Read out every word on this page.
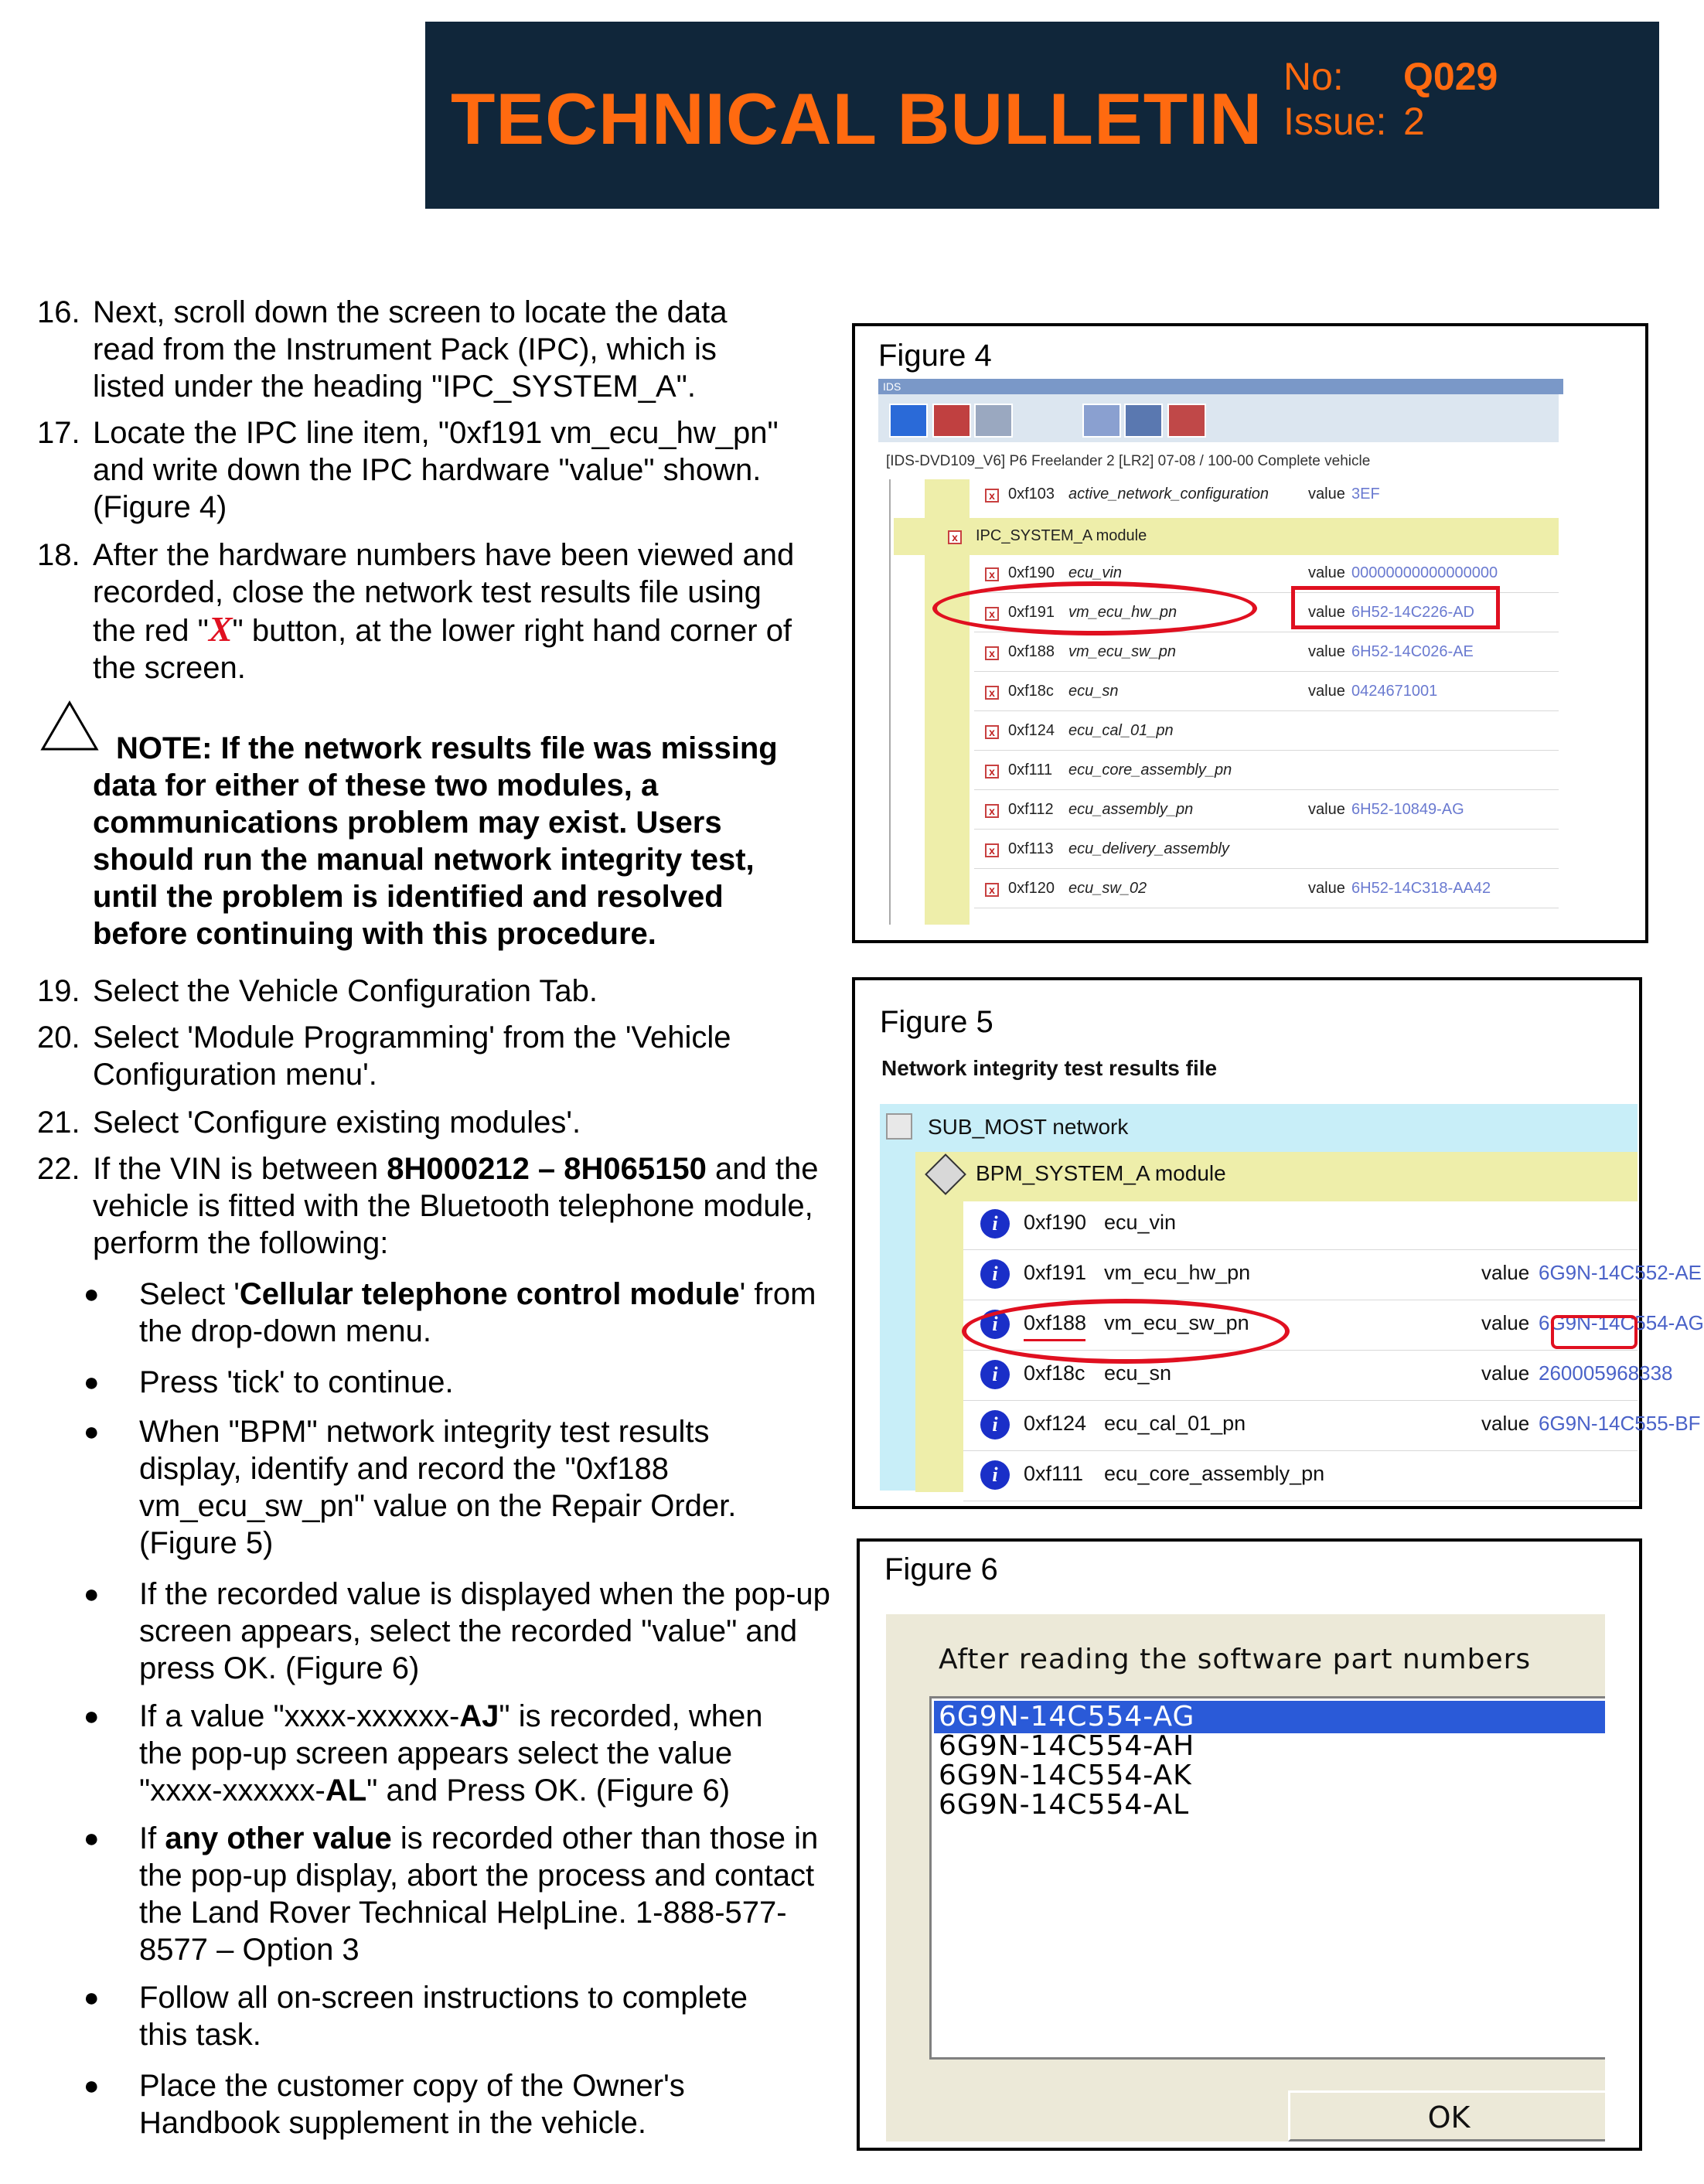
TECHNICAL BULLETIN
No: Q029
Issue: 2
16. Next, scroll down the screen to locate the data read from the Instrument Pack (IPC), which is listed under the heading "IPC_SYSTEM_A".
17. Locate the IPC line item, "0xf191 vm_ecu_hw_pn" and write down the IPC hardware "value" shown. (Figure 4)
18. After the hardware numbers have been viewed and recorded, close the network test results file using the red "X" button, at the lower right hand corner of the screen.
NOTE: If the network results file was missing data for either of these two modules, a communications problem may exist. Users should run the manual network integrity test, until the problem is identified and resolved before continuing with this procedure.
19. Select the Vehicle Configuration Tab.
20. Select 'Module Programming' from the 'Vehicle Configuration menu'.
21. Select 'Configure existing modules'.
22. If the VIN is between 8H000212 – 8H065150 and the vehicle is fitted with the Bluetooth telephone module, perform the following:
● Select 'Cellular telephone control module' from the drop-down menu.
● Press 'tick' to continue.
● When "BPM" network integrity test results display, identify and record the "0xf188 vm_ecu_sw_pn" value on the Repair Order. (Figure 5)
● If the recorded value is displayed when the pop-up screen appears, select the recorded "value" and press OK. (Figure 6)
● If a value "xxxx-xxxxxx-AJ" is recorded, when the pop-up screen appears select the value "xxxx-xxxxxx-AL" and Press OK. (Figure 6)
● If any other value is recorded other than those in the pop-up display, abort the process and contact the Land Rover Technical HelpLine. 1-888-577-8577 – Option 3
● Follow all on-screen instructions to complete this task.
● Place the customer copy of the Owner's Handbook supplement in the vehicle.
Figure 4
IDS
[IDS-DVD109_V6] P6 Freelander 2 [LR2] 07-08 / 100-00 Complete vehicle
x 0xf103 active_network_configuration	value 3EF
x IPC_SYSTEM_A module
x 0xf190 ecu_vin	value 00000000000000000
x 0xf191 vm_ecu_hw_pn	value 6H52-14C226-AD
x 0xf188 vm_ecu_sw_pn	value 6H52-14C026-AE
x 0xf18c ecu_sn	value 0424671001
x 0xf124 ecu_cal_01_pn
x 0xf111 ecu_core_assembly_pn
x 0xf112 ecu_assembly_pn	value 6H52-10849-AG
x 0xf113 ecu_delivery_assembly
x 0xf120 ecu_sw_02	value 6H52-14C318-AA42
Figure 5
Network integrity test results file
SUB_MOST network
BPM_SYSTEM_A module
i	0xf190 ecu_vin
i	0xf191 vm_ecu_hw_pn	value 6G9N-14C552-AE
i	0xf188 vm_ecu_sw_pn	value 6G9N-14C554-AG
i	0xf18c ecu_sn	value 260005968338
i	0xf124 ecu_cal_01_pn	value 6G9N-14C555-BF
i	0xf111 ecu_core_assembly_pn
Figure 6
After reading the software part numbers
6G9N-14C554-AG
6G9N-14C554-AH
6G9N-14C554-AK
6G9N-14C554-AL
OK
